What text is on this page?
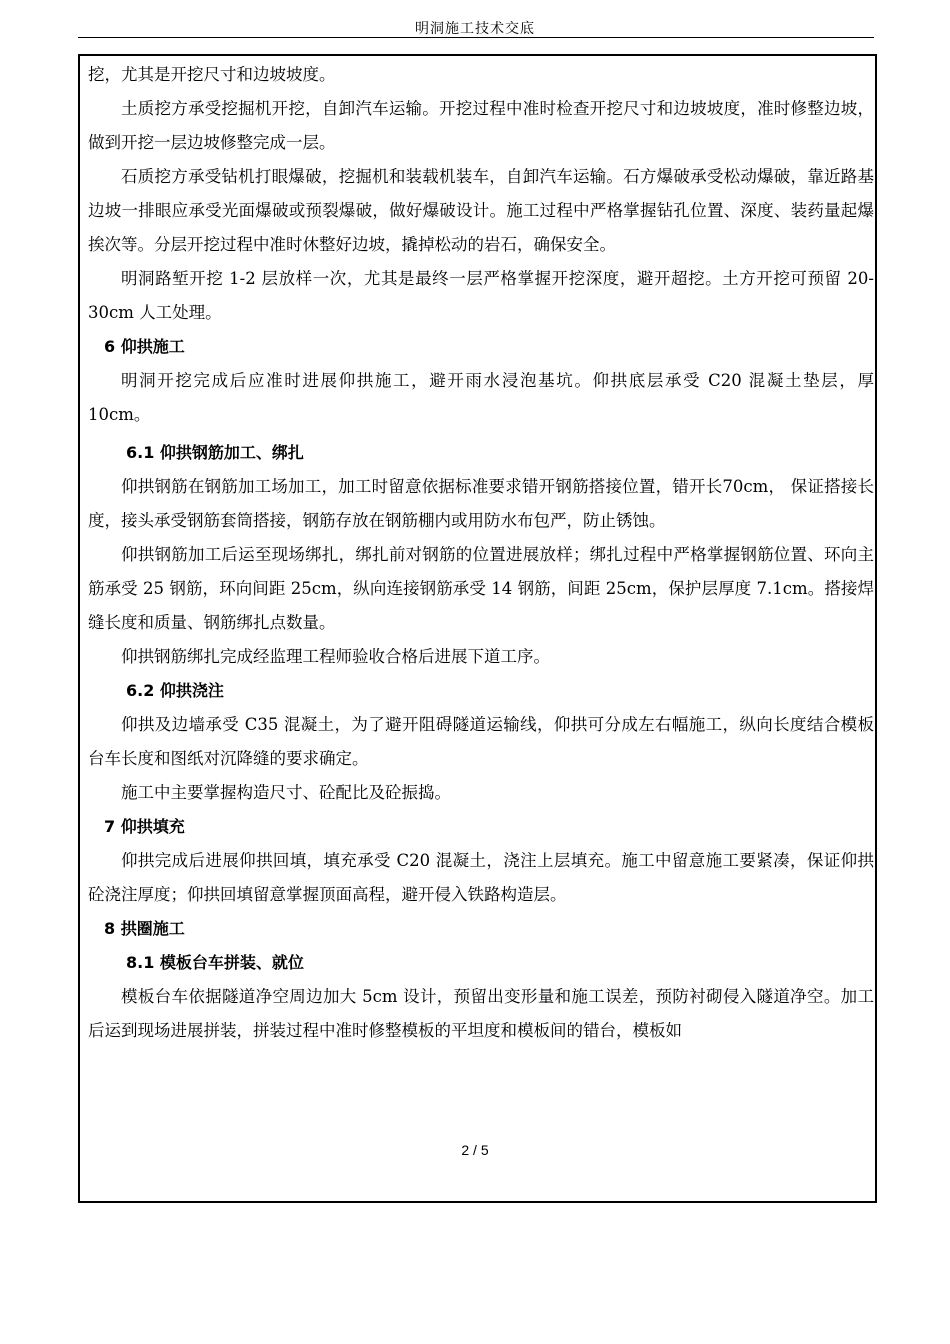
明洞施工技术交底

挖，尤其是开挖尺寸和边坡坡度。

土质挖方承受挖掘机开挖，自卸汽车运输。开挖过程中准时检查开挖尺寸和边坡坡度，准时修整边坡，做到开挖一层边坡修整完成一层。

石质挖方承受钻机打眼爆破，挖掘机和装载机装车，自卸汽车运输。石方爆破承受松动爆破，靠近路基边坡一排眼应承受光面爆破或预裂爆破，做好爆破设计。施工过程中严格掌握钻孔位置、深度、装药量起爆挨次等。分层开挖过程中准时休整好边坡，撬掉松动的岩石，确保安全。

明洞路堑开挖 1-2 层放样一次，尤其是最终一层严格掌握开挖深度，避开超挖。土方开挖可预留 20-30cm 人工处理。

6 仰拱施工

明洞开挖完成后应准时进展仰拱施工，避开雨水浸泡基坑。仰拱底层承受 C20 混凝土垫层，厚 10cm。

6.1 仰拱钢筋加工、绑扎

仰拱钢筋在钢筋加工场加工，加工时留意依据标准要求错开钢筋搭接位置，错开长70cm， 保证搭接长度，接头承受钢筋套筒搭接，钢筋存放在钢筋棚内或用防水布包严，防止锈蚀。

仰拱钢筋加工后运至现场绑扎，绑扎前对钢筋的位置进展放样；绑扎过程中严格掌握钢筋位置、环向主筋承受 25 钢筋，环向间距 25cm，纵向连接钢筋承受 14 钢筋，间距 25cm，保护层厚度 7.1cm。搭接焊缝长度和质量、钢筋绑扎点数量。

仰拱钢筋绑扎完成经监理工程师验收合格后进展下道工序。

6.2 仰拱浇注

仰拱及边墙承受 C35 混凝土，为了避开阻碍隧道运输线，仰拱可分成左右幅施工，纵向长度结合模板台车长度和图纸对沉降缝的要求确定。

施工中主要掌握构造尺寸、砼配比及砼振捣。

7 仰拱填充

仰拱完成后进展仰拱回填，填充承受 C20 混凝土，浇注上层填充。施工中留意施工要紧凑，保证仰拱砼浇注厚度；仰拱回填留意掌握顶面高程，避开侵入铁路构造层。

8 拱圈施工

8.1 模板台车拼装、就位

模板台车依据隧道净空周边加大 5cm 设计，预留出变形量和施工误差，预防衬砌侵入隧道净空。加工后运到现场进展拼装，拼装过程中准时修整模板的平坦度和模板间的错台，模板如

2 / 5
